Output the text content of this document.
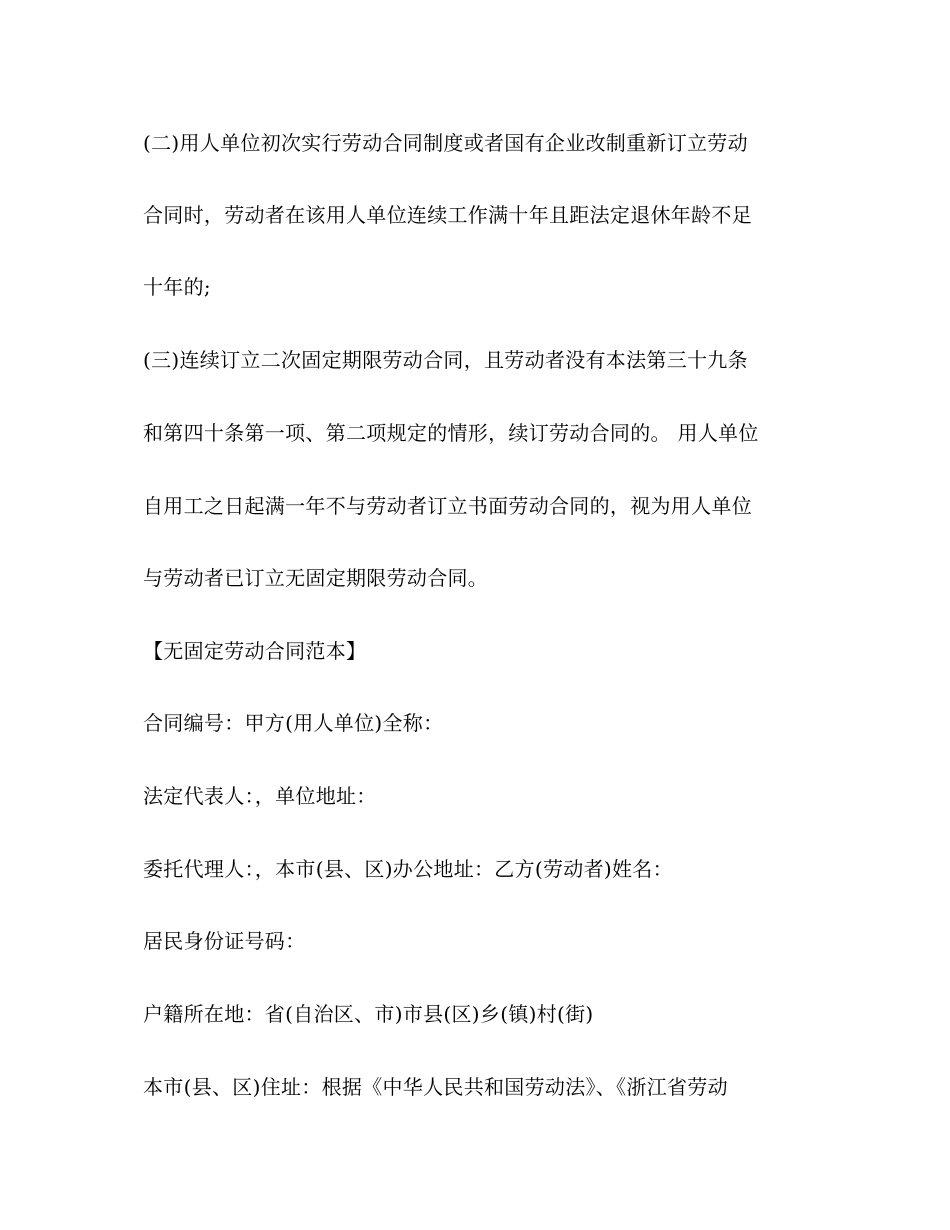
(二)用人单位初次实行劳动合同制度或者国有企业改制重新订立劳动
合同时，劳动者在该用人单位连续工作满十年且距法定退休年龄不足
十年的;
(三)连续订立二次固定期限劳动合同，且劳动者没有本法第三十九条
和第四十条第一项、第二项规定的情形，续订劳动合同的。 用人单位
自用工之日起满一年不与劳动者订立书面劳动合同的，视为用人单位
与劳动者已订立无固定期限劳动合同。
【无固定劳动合同范本】
合同编号：甲方(用人单位)全称：
法定代表人：，单位地址：
委托代理人：，本市(县、区)办公地址：乙方(劳动者)姓名：
居民身份证号码：
户籍所在地：省(自治区、市)市县(区)乡(镇)村(街)
本市(县、区)住址：根据《中华人民共和国劳动法》、《浙江省劳动
